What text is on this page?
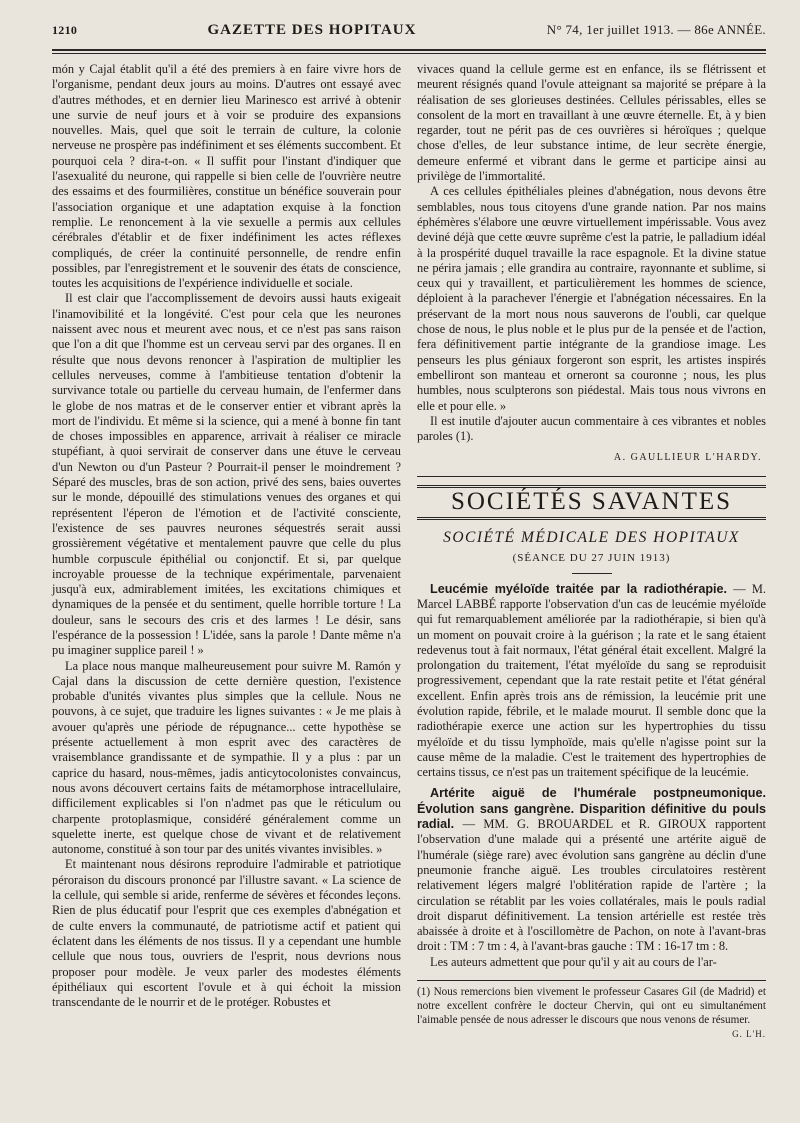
1210	GAZETTE DES HOPITAUX	N° 74, 1er juillet 1913. — 86e ANNÉE.

món y Cajal établit qu'il a été des premiers à en faire vivre hors de l'organisme, pendant deux jours au moins. D'autres ont essayé avec d'autres méthodes, et en dernier lieu Marinesco est arrivé à obtenir une survie de neuf jours et à voir se produire des expansions nouvelles. Mais, quel que soit le terrain de culture, la colonie nerveuse ne prospère pas indéfiniment et ses éléments succombent. Et pourquoi cela ? dira-t-on. « Il suffit pour l'instant d'indiquer que l'asexualité du neurone, qui rappelle si bien celle de l'ouvrière neutre des essaims et des fourmilières, constitue un bénéfice souverain pour l'association organique et une adaptation exquise à la fonction remplie. Le renoncement à la vie sexuelle a permis aux cellules cérébrales d'établir et de fixer indéfiniment les actes réflexes compliqués, de créer la continuité personnelle, de rendre enfin possibles, par l'enregistrement et le souvenir des états de conscience, toutes les acquisitions de l'expérience individuelle et sociale.

Il est clair que l'accomplissement de devoirs aussi hauts exigeait l'inamovibilité et la longévité. C'est pour cela que les neurones naissent avec nous et meurent avec nous, et ce n'est pas sans raison que l'on a dit que l'homme est un cerveau servi par des organes. Il en résulte que nous devons renoncer à l'aspiration de multiplier les cellules nerveuses, comme à l'ambitieuse tentation d'obtenir la survivance totale ou partielle du cerveau humain, de l'enfermer dans le globe de nos matras et de le conserver entier et vibrant après la mort de l'individu. Et même si la science, qui a mené à bonne fin tant de choses impossibles en apparence, arrivait à réaliser ce miracle stupéfiant, à quoi servirait de conserver dans une étuve le cerveau d'un Newton ou d'un Pasteur ? Pourrait-il penser le moindrement ? Séparé des muscles, bras de son action, privé des sens, baies ouvertes sur le monde, dépouillé des stimulations venues des organes et qui représentent l'éperon de l'émotion et de l'activité consciente, l'existence de ses pauvres neurones séquestrés serait aussi grossièrement végétative et mentalement pauvre que celle du plus humble corpuscule épithélial ou conjonctif. Et si, par quelque incroyable prouesse de la technique expérimentale, parvenaient jusqu'à eux, admirablement imitées, les excitations chimiques et dynamiques de la pensée et du sentiment, quelle horrible torture ! La douleur, sans le secours des cris et des larmes ! Le désir, sans l'espérance de la possession ! L'idée, sans la parole ! Dante même n'a pu imaginer supplice pareil ! »

La place nous manque malheureusement pour suivre M. Ramón y Cajal dans la discussion de cette dernière question, l'existence probable d'unités vivantes plus simples que la cellule. Nous ne pouvons, à ce sujet, que traduire les lignes suivantes : « Je me plais à avouer qu'après une période de répugnance... cette hypothèse se présente actuellement à mon esprit avec des caractères de vraisemblance grandissante et de sympathie. Il y a plus : par un caprice du hasard, nous-mêmes, jadis anticytocolonistes convaincus, nous avons découvert certains faits de métamorphose intracellulaire, difficilement explicables si l'on n'admet pas que le réticulum ou charpente protoplasmique, considéré généralement comme un squelette inerte, est quelque chose de vivant et de relativement autonome, constitué à son tour par des unités vivantes invisibles. »

Et maintenant nous désirons reproduire l'admirable et patriotique péroraison du discours prononcé par l'illustre savant. « La science de la cellule, qui semble si aride, renferme de sévères et fécondes leçons. Rien de plus éducatif pour l'esprit que ces exemples d'abnégation et de culte envers la communauté, de patriotisme actif et patient qui éclatent dans les éléments de nos tissus. Il y a cependant une humble cellule que nous tous, ouvriers de l'esprit, nous devrions nous proposer pour modèle. Je veux parler des modestes éléments épithéliaux qui escortent l'ovule et à qui échoit la mission transcendante de le nourrir et de le protéger. Robustes et

vivaces quand la cellule germe est en enfance, ils se flétrissent et meurent résignés quand l'ovule atteignant sa majorité se prépare à la réalisation de ses glorieuses destinées. Cellules périssables, elles se consolent de la mort en travaillant à une œuvre éternelle. Et, à y bien regarder, tout ne périt pas de ces ouvrières si héroïques ; quelque chose d'elles, de leur substance intime, de leur secrète énergie, demeure enfermé et vibrant dans le germe et participe ainsi au privilège de l'immortalité.

A ces cellules épithéliales pleines d'abnégation, nous devons être semblables, nous tous citoyens d'une grande nation. Par nos mains éphémères s'élabore une œuvre virtuellement impérissable. Vous avez deviné déjà que cette œuvre suprême c'est la patrie, le palladium idéal à la prospérité duquel travaille la race espagnole. Et la divine statue ne périra jamais ; elle grandira au contraire, rayonnante et sublime, si ceux qui y travaillent, et particulièrement les hommes de science, déploient à la parachever l'énergie et l'abnégation nécessaires. En la préservant de la mort nous nous sauverons de l'oubli, car quelque chose de nous, le plus noble et le plus pur de la pensée et de l'action, fera définitivement partie intégrante de la grandiose image. Les penseurs les plus géniaux forgeront son esprit, les artistes inspirés embelliront son manteau et orneront sa couronne ; nous, les plus humbles, nous sculpterons son piédestal. Mais tous nous vivrons en elle et pour elle. »

Il est inutile d'ajouter aucun commentaire à ces vibrantes et nobles paroles (1).

A. GAULLIEUR L'HARDY.
SOCIÉTÉS SAVANTES
SOCIÉTÉ MÉDICALE DES HOPITAUX
(SÉANCE DU 27 JUIN 1913)

Leucémie myéloïde traitée par la radiothérapie. — M. Marcel LABBÉ rapporte l'observation d'un cas de leucémie myéloïde qui fut remarquablement améliorée par la radiothérapie, si bien qu'à un moment on pouvait croire à la guérison ; la rate et le sang étaient redevenus tout à fait normaux, l'état général était excellent. Malgré la prolongation du traitement, l'état myéloïde du sang se reproduisit progressivement, cependant que la rate restait petite et l'état général excellent. Enfin après trois ans de rémission, la leucémie prit une évolution rapide, fébrile, et le malade mourut. Il semble donc que la radiothérapie exerce une action sur les hypertrophies du tissu myéloïde et du tissu lymphoïde, mais qu'elle n'agisse point sur la cause même de la maladie. C'est le traitement des hypertrophies de certains tissus, ce n'est pas un traitement spécifique de la leucémie.

Artérite aiguë de l'humérale postpneumonique. Évolution sans gangrène. Disparition définitive du pouls radial. — MM. G. BROUARDEL et R. GIROUX rapportent l'observation d'une malade qui a présenté une artérite aiguë de l'humérale (siège rare) avec évolution sans gangrène au déclin d'une pneumonie franche aiguë. Les troubles circulatoires restèrent relativement légers malgré l'oblitération rapide de l'artère ; la circulation se rétablit par les voies collatérales, mais le pouls radial droit disparut définitivement. La tension artérielle est restée très abaissée à droite et à l'oscillomètre de Pachon, on note à l'avant-bras droit : TM : 7 tm : 4, à l'avant-bras gauche : TM : 16-17 tm : 8.

Les auteurs admettent que pour qu'il y ait au cours de l'ar-

(1) Nous remercions bien vivement le professeur Casares Gil (de Madrid) et notre excellent confrère le docteur Chervin, qui ont eu simultanément l'aimable pensée de nous adresser le discours que nous venons de résumer.
G. L'H.
